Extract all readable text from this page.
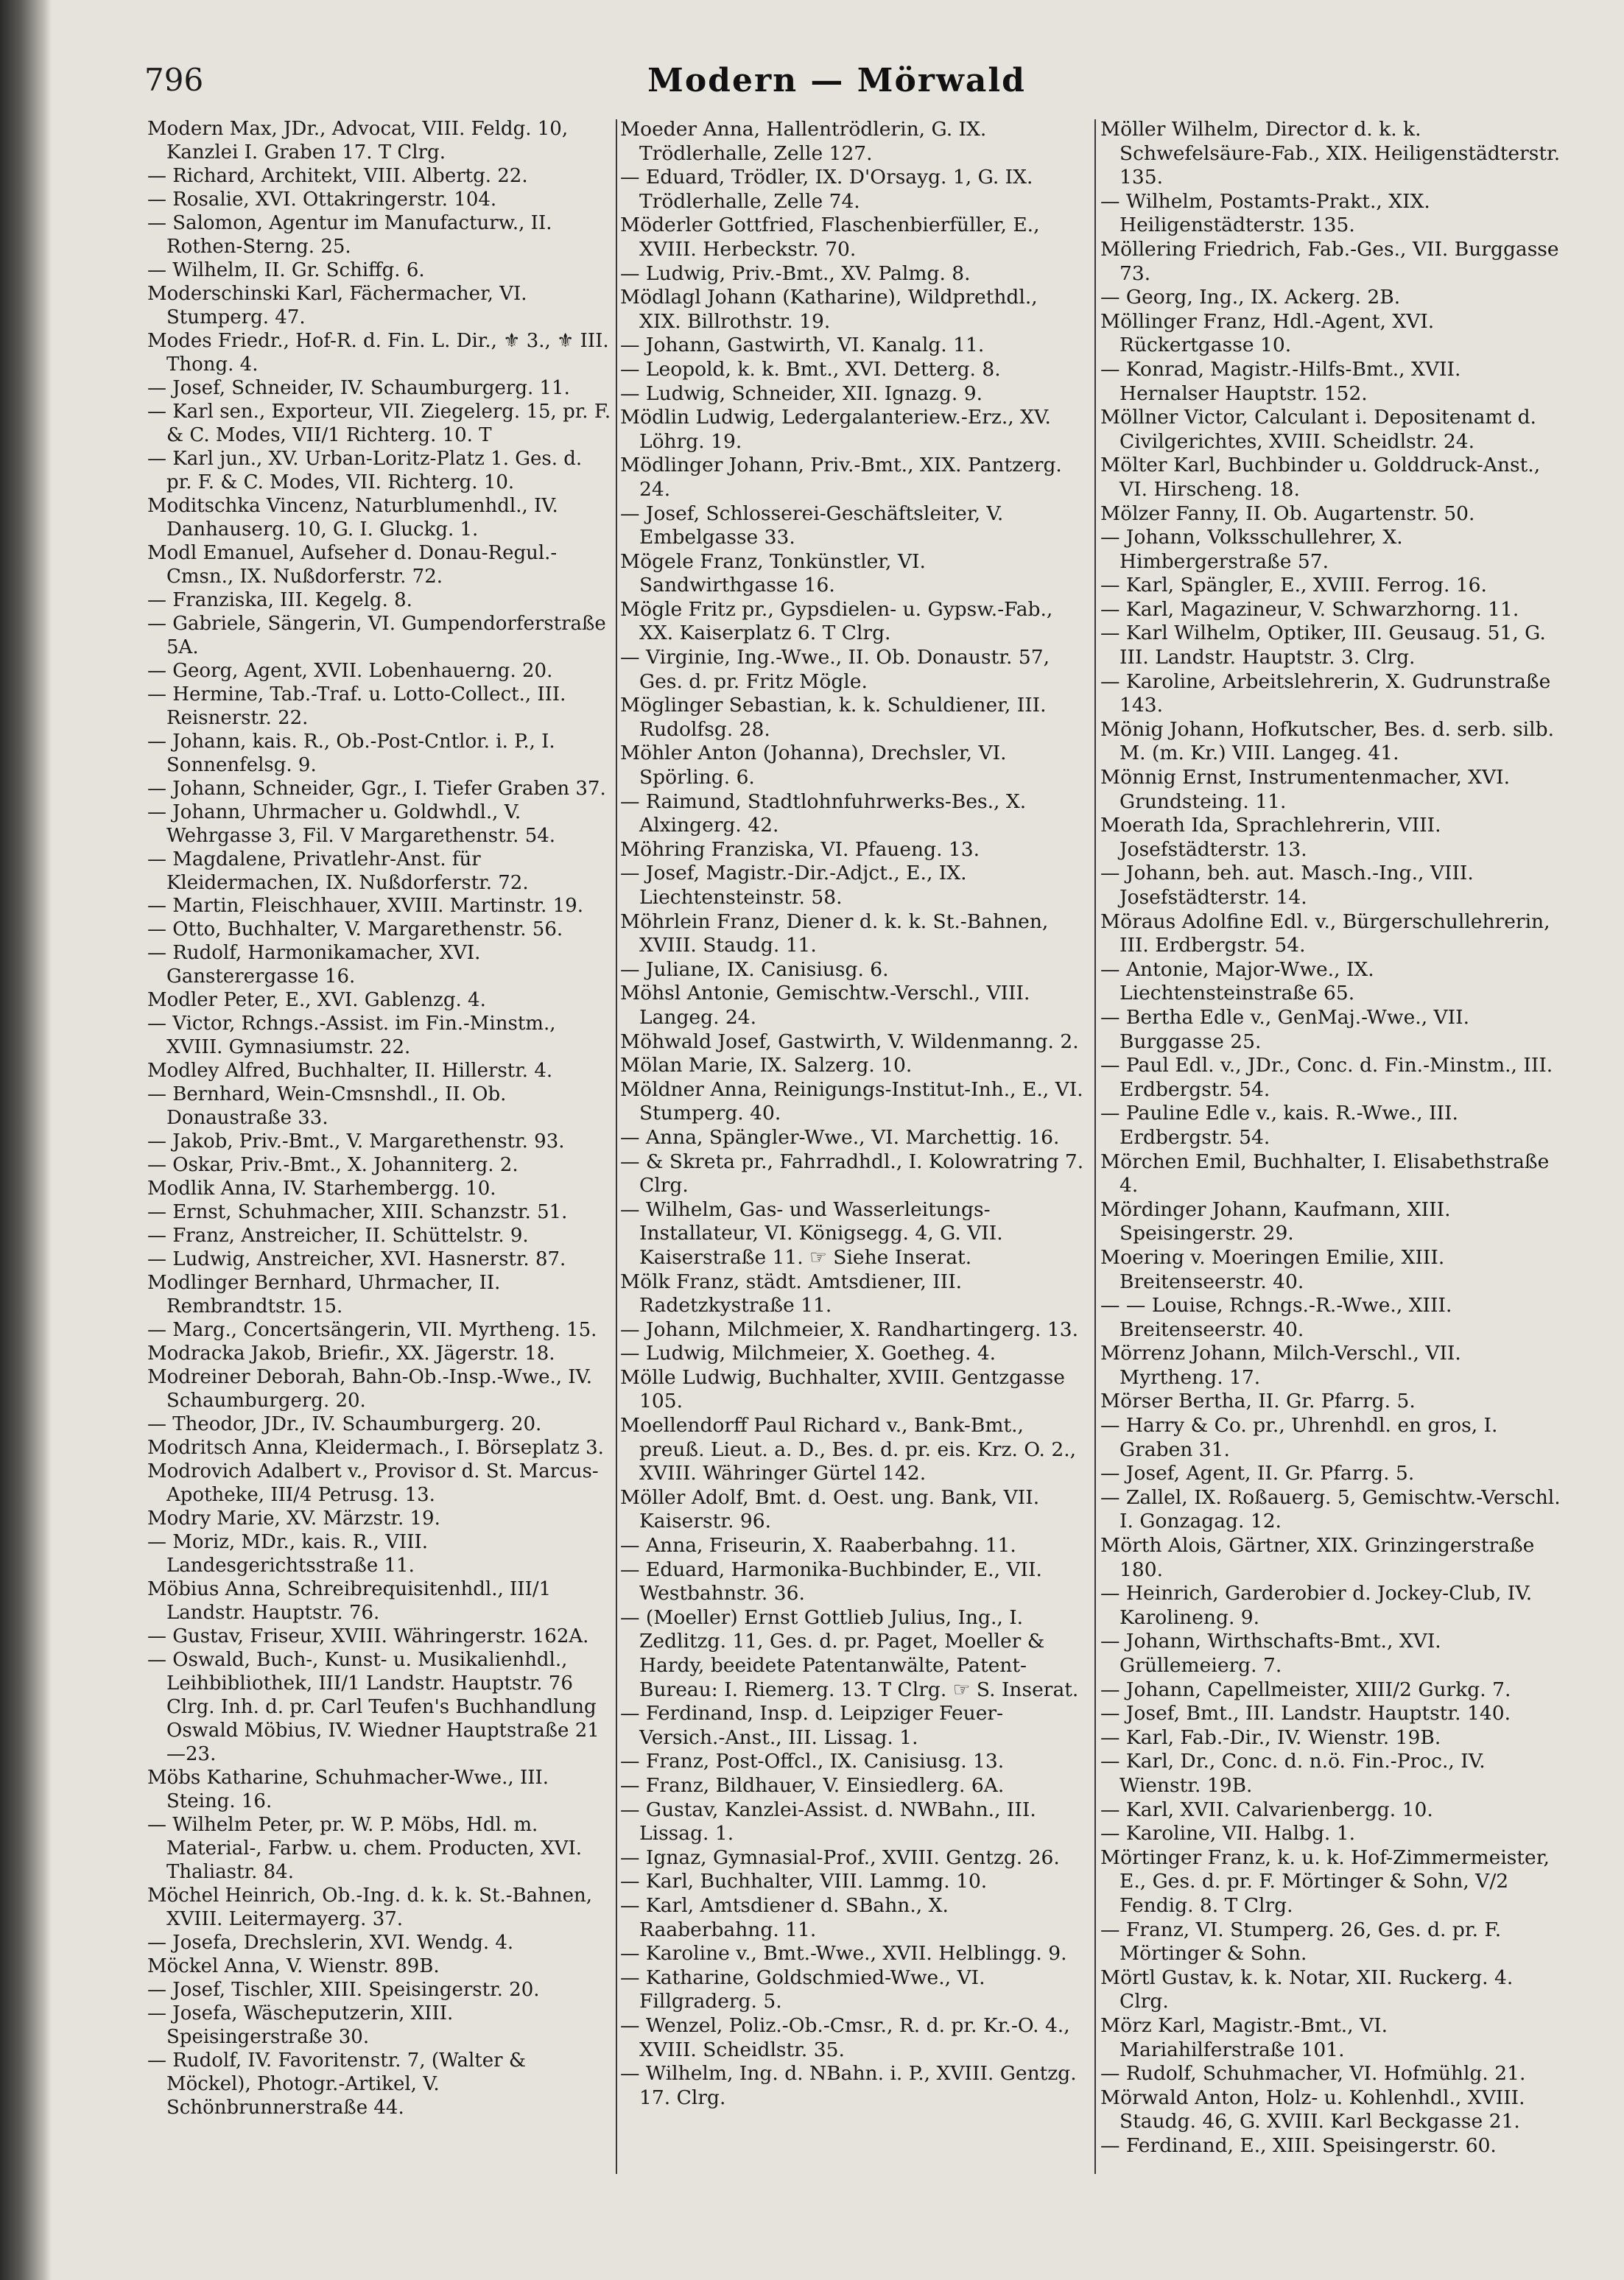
796	Modern — Mörwald
Modern Max, JDr., Advocat, VIII. Feldg. 10, Kanzlei I. Graben 17. T Clrg.
— Richard, Architekt, VIII. Albertg. 22.
— Rosalie, XVI. Ottakringerstr. 104.
— Salomon, Agentur im Manufacturw., II. Rothen-Sterng. 25.
— Wilhelm, II. Gr. Schiffg. 6.
Moderschinski Karl, Fächermacher, VI. Stumperg. 47.
Modes Friedr., Hof-R. d. Fin. L. Dir., ⚜ 3., ⚜ III. Thong. 4.
— Josef, Schneider, IV. Schaumburgerg. 11.
— Karl sen., Exporteur, VII. Ziegelerg. 15, pr. F. & C. Modes, VII/1 Richterg. 10. T
— Karl jun., XV. Urban-Loritz-Platz 1. Ges. d. pr. F. & C. Modes, VII. Richterg. 10.
Moditschka Vincenz, Naturblumenhdl., IV. Danhauserg. 10, G. I. Gluckg. 1.
Modl Emanuel, Aufseher d. Donau-Regul.-Cmsn., IX. Nußdorferstr. 72.
— Franziska, III. Kegelg. 8.
— Gabriele, Sängerin, VI. Gumpendorferstraße 5A.
— Georg, Agent, XVII. Lobenhauerng. 20.
— Hermine, Tab.-Traf. u. Lotto-Collect., III. Reisnerstr. 22.
— Johann, kais. R., Ob.-Post-Cntlor. i. P., I. Sonnenfelsg. 9.
— Johann, Schneider, Ggr., I. Tiefer Graben 37.
— Johann, Uhrmacher u. Goldwhdl., V. Wehrgasse 3, Fil. V Margarethenstr. 54.
— Magdalene, Privatlehr-Anst. für Kleidermachen, IX. Nußdorferstr. 72.
— Martin, Fleischhauer, XVIII. Martinstr. 19.
— Otto, Buchhalter, V. Margarethenstr. 56.
— Rudolf, Harmonikamacher, XVI. Gansterergasse 16.
Modler Peter, E., XVI. Gablenzg. 4.
— Victor, Rchngs.-Assist. im Fin.-Minstm., XVIII. Gymnasiumstr. 22.
Modley Alfred, Buchhalter, II. Hillerstr. 4.
— Bernhard, Wein-Cmsnshdl., II. Ob. Donaustraße 33.
— Jakob, Priv.-Bmt., V. Margarethenstr. 93.
— Oskar, Priv.-Bmt., X. Johanniterg. 2.
Modlik Anna, IV. Starhembergg. 10.
— Ernst, Schuhmacher, XIII. Schanzstr. 51.
— Franz, Anstreicher, II. Schüttelstr. 9.
— Ludwig, Anstreicher, XVI. Hasnerstr. 87.
Modlinger Bernhard, Uhrmacher, II. Rembrandtstr. 15.
— Marg., Concertsängerin, VII. Myrtheng. 15.
Modracka Jakob, Briefir., XX. Jägerstr. 18.
Modreiner Deborah, Bahn-Ob.-Insp.-Wwe., IV. Schaumburgerg. 20.
— Theodor, JDr., IV. Schaumburgerg. 20.
Modritsch Anna, Kleidermach., I. Börseplatz 3.
Modrovich Adalbert v., Provisor d. St. Marcus-Apotheke, III/4 Petrusg. 13.
Modry Marie, XV. Märzstr. 19.
— Moriz, MDr., kais. R., VIII. Landesgerichtsstraße 11.
Möbius Anna, Schreibrequisitenhdl., III/1 Landstr. Hauptstr. 76.
— Gustav, Friseur, XVIII. Währingerstr. 162A.
— Oswald, Buch-, Kunst- u. Musikalienhdl., Leihbibliothek, III/1 Landstr. Hauptstr. 76 Clrg. Inh. d. pr. Carl Teufen's Buchhandlung Oswald Möbius, IV. Wiedner Hauptstraße 21—23.
Möbs Katharine, Schuhmacher-Wwe., III. Steing. 16.
— Wilhelm Peter, pr. W. P. Möbs, Hdl. m. Material-, Farbw. u. chem. Producten, XVI. Thaliastr. 84.
Möchel Heinrich, Ob.-Ing. d. k. k. St.-Bahnen, XVIII. Leitermayerg. 37.
— Josefa, Drechslerin, XVI. Wendg. 4.
Möckel Anna, V. Wienstr. 89B.
— Josef, Tischler, XIII. Speisingerstr. 20.
— Josefa, Wäscheputzerin, XIII. Speisingerstraße 30.
— Rudolf, IV. Favoritenstr. 7, (Walter & Möckel), Photogr.-Artikel, V. Schönbrunnerstraße 44.
Moeder Anna, Hallentrödlerin, G. IX. Trödlerhalle, Zelle 127.
— Eduard, Trödler, IX. D'Orsayg. 1, G. IX. Trödlerhalle, Zelle 74.
Möderler Gottfried, Flaschenbierfüller, E., XVIII. Herbeckstr. 70.
— Ludwig, Priv.-Bmt., XV. Palmg. 8.
Mödlagl Johann (Katharine), Wildprethdl., XIX. Billrothstr. 19.
— Johann, Gastwirth, VI. Kanalg. 11.
— Leopold, k. k. Bmt., XVI. Detterg. 8.
— Ludwig, Schneider, XII. Ignazg. 9.
Mödlin Ludwig, Ledergalanteriew.-Erz., XV. Löhrg. 19.
Mödlinger Johann, Priv.-Bmt., XIX. Pantzerg. 24.
— Josef, Schlosserei-Geschäftsleiter, V. Embelgasse 33.
Mögele Franz, Tonkünstler, VI. Sandwirthgasse 16.
Mögle Fritz pr., Gypsdielen- u. Gypsw.-Fab., XX. Kaiserplatz 6. T Clrg.
— Virginie, Ing.-Wwe., II. Ob. Donaustr. 57, Ges. d. pr. Fritz Mögle.
Möglinger Sebastian, k. k. Schuldiener, III. Rudolfsg. 28.
Möhler Anton (Johanna), Drechsler, VI. Spörling. 6.
— Raimund, Stadtlohnfuhrwerks-Bes., X. Alxingerg. 42.
Möhring Franziska, VI. Pfaueng. 13.
— Josef, Magistr.-Dir.-Adjct., E., IX. Liechtensteinstr. 58.
Möhrlein Franz, Diener d. k. k. St.-Bahnen, XVIII. Staudg. 11.
— Juliane, IX. Canisiusg. 6.
Möhsl Antonie, Gemischtw.-Verschl., VIII. Langeg. 24.
Möhwald Josef, Gastwirth, V. Wildenmanng. 2.
Mölan Marie, IX. Salzerg. 10.
Möldner Anna, Reinigungs-Institut-Inh., E., VI. Stumperg. 40.
— Anna, Spängler-Wwe., VI. Marchettig. 16.
— & Skreta pr., Fahrradhdl., I. Kolowratring 7. Clrg.
— Wilhelm, Gas- und Wasserleitungs-Installateur, VI. Königsegg. 4, G. VII. Kaiserstraße 11. ☞ Siehe Inserat.
Mölk Franz, städt. Amtsdiener, III. Radetzkystraße 11.
— Johann, Milchmeier, X. Randhartingerg. 13.
— Ludwig, Milchmeier, X. Goetheg. 4.
Mölle Ludwig, Buchhalter, XVIII. Gentzgasse 105.
Moellendorff Paul Richard v., Bank-Bmt., preuß. Lieut. a. D., Bes. d. pr. eis. Krz. O. 2., XVIII. Währinger Gürtel 142.
Möller Adolf, Bmt. d. Oest. ung. Bank, VII. Kaiserstr. 96.
— Anna, Friseurin, X. Raaberbahng. 11.
— Eduard, Harmonika-Buchbinder, E., VII. Westbahnstr. 36.
— (Moeller) Ernst Gottlieb Julius, Ing., I. Zedlitzg. 11, Ges. d. pr. Paget, Moeller & Hardy, beeidete Patentanwälte, Patent-Bureau: I. Riemerg. 13. T Clrg. ☞ S. Inserat.
— Ferdinand, Insp. d. Leipziger Feuer-Versich.-Anst., III. Lissag. 1.
— Franz, Post-Offcl., IX. Canisiusg. 13.
— Franz, Bildhauer, V. Einsiedlerg. 6A.
— Gustav, Kanzlei-Assist. d. NWBahn., III. Lissag. 1.
— Ignaz, Gymnasial-Prof., XVIII. Gentzg. 26.
— Karl, Buchhalter, VIII. Lammg. 10.
— Karl, Amtsdiener d. SBahn., X. Raaberbahng. 11.
— Karoline v., Bmt.-Wwe., XVII. Helblingg. 9.
— Katharine, Goldschmied-Wwe., VI. Fillgraderg. 5.
— Wenzel, Poliz.-Ob.-Cmsr., R. d. pr. Kr.-O. 4., XVIII. Scheidlstr. 35.
— Wilhelm, Ing. d. NBahn. i. P., XVIII. Gentzg. 17. Clrg.
Möller Wilhelm, Director d. k. k. Schwefelsäure-Fab., XIX. Heiligenstädterstr. 135.
— Wilhelm, Postamts-Prakt., XIX. Heiligenstädterstr. 135.
Möllering Friedrich, Fab.-Ges., VII. Burggasse 73.
— Georg, Ing., IX. Ackerg. 2B.
Möllinger Franz, Hdl.-Agent, XVI. Rückertgasse 10.
— Konrad, Magistr.-Hilfs-Bmt., XVII. Hernalser Hauptstr. 152.
Möllner Victor, Calculant i. Depositenamt d. Civilgerichtes, XVIII. Scheidlstr. 24.
Mölter Karl, Buchbinder u. Golddruck-Anst., VI. Hirscheng. 18.
Mölzer Fanny, II. Ob. Augartenstr. 50.
— Johann, Volksschullehrer, X. Himbergerstraße 57.
— Karl, Spängler, E., XVIII. Ferrog. 16.
— Karl, Magazineur, V. Schwarzhorng. 11.
— Karl Wilhelm, Optiker, III. Geusaug. 51, G. III. Landstr. Hauptstr. 3. Clrg.
— Karoline, Arbeitslehrerin, X. Gudrunstraße 143.
Mönig Johann, Hofkutscher, Bes. d. serb. silb. M. (m. Kr.) VIII. Langeg. 41.
Mönnig Ernst, Instrumentenmacher, XVI. Grundsteing. 11.
Moerath Ida, Sprachlehrerin, VIII. Josefstädterstr. 13.
— Johann, beh. aut. Masch.-Ing., VIII. Josefstädterstr. 14.
Möraus Adolfine Edl. v., Bürgerschullehrerin, III. Erdbergstr. 54.
— Antonie, Major-Wwe., IX. Liechtensteinstraße 65.
— Bertha Edle v., GenMaj.-Wwe., VII. Burggasse 25.
— Paul Edl. v., JDr., Conc. d. Fin.-Minstm., III. Erdbergstr. 54.
— Pauline Edle v., kais. R.-Wwe., III. Erdbergstr. 54.
Mörchen Emil, Buchhalter, I. Elisabethstraße 4.
Mördinger Johann, Kaufmann, XIII. Speisingerstr. 29.
Moering v. Moeringen Emilie, XIII. Breitenseerstr. 40.
— — Louise, Rchngs.-R.-Wwe., XIII. Breitenseerstr. 40.
Mörrenz Johann, Milch-Verschl., VII. Myrtheng. 17.
Mörser Bertha, II. Gr. Pfarrg. 5.
— Harry & Co. pr., Uhrenhdl. en gros, I. Graben 31.
— Josef, Agent, II. Gr. Pfarrg. 5.
— Zallel, IX. Roßauerg. 5, Gemischtw.-Verschl. I. Gonzagag. 12.
Mörth Alois, Gärtner, XIX. Grinzingerstraße 180.
— Heinrich, Garderobier d. Jockey-Club, IV. Karolineng. 9.
— Johann, Wirthschafts-Bmt., XVI. Grüllemeierg. 7.
— Johann, Capellmeister, XIII/2 Gurkg. 7.
— Josef, Bmt., III. Landstr. Hauptstr. 140.
— Karl, Fab.-Dir., IV. Wienstr. 19B.
— Karl, Dr., Conc. d. n.ö. Fin.-Proc., IV. Wienstr. 19B.
— Karl, XVII. Calvarienbergg. 10.
— Karoline, VII. Halbg. 1.
Mörtinger Franz, k. u. k. Hof-Zimmermeister, E., Ges. d. pr. F. Mörtinger & Sohn, V/2 Fendig. 8. T Clrg.
— Franz, VI. Stumperg. 26, Ges. d. pr. F. Mörtinger & Sohn.
Mörtl Gustav, k. k. Notar, XII. Ruckerg. 4. Clrg.
Mörz Karl, Magistr.-Bmt., VI. Mariahilferstraße 101.
— Rudolf, Schuhmacher, VI. Hofmühlg. 21.
Mörwald Anton, Holz- u. Kohlenhdl., XVIII. Staudg. 46, G. XVIII. Karl Beckgasse 21.
— Ferdinand, E., XIII. Speisingerstr. 60.
